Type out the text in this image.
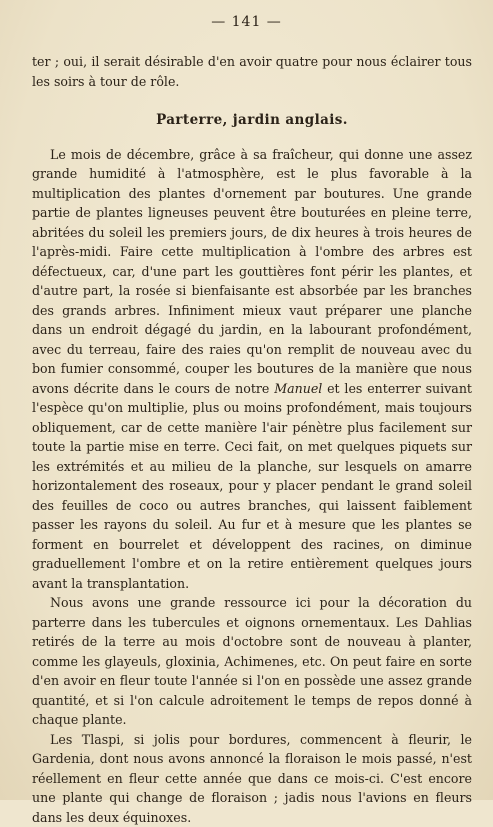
— 141 —

ter ; oui, il serait désirable d'en avoir quatre pour nous éclairer tous les soirs à tour de rôle.

Parterre, jardin anglais.

Le mois de décembre, grâce à sa fraîcheur, qui donne une assez grande humidité à l'atmosphère, est le plus favorable à la multiplication des plantes d'ornement par boutures. Une grande partie de plantes ligneuses peuvent être bouturées en pleine terre, abritées du soleil les premiers jours, de dix heures à trois heures de l'après-midi. Faire cette multiplication à l'ombre des arbres est défectueux, car, d'une part les gouttières font périr les plantes, et d'autre part, la rosée si bienfaisante est absorbée par les branches des grands arbres. Infiniment mieux vaut préparer une planche dans un endroit dégagé du jardin, en la labourant profondément, avec du terreau, faire des raies qu'on remplit de nouveau avec du bon fumier consommé, couper les boutures de la manière que nous avons décrite dans le cours de notre Manuel et les enterrer suivant l'espèce qu'on multiplie, plus ou moins profondément, mais toujours obliquement, car de cette manière l'air pénètre plus facilement sur toute la partie mise en terre. Ceci fait, on met quelques piquets sur les extrémités et au milieu de la planche, sur lesquels on amarre horizontalement des roseaux, pour y placer pendant le grand soleil des feuilles de coco ou autres branches, qui laissent faiblement passer les rayons du soleil. Au fur et à mesure que les plantes se forment en bourrelet et développent des racines, on diminue graduellement l'ombre et on la retire entièrement quelques jours avant la transplantation.

Nous avons une grande ressource ici pour la décoration du parterre dans les tubercules et oignons ornementaux. Les Dahlias retirés de la terre au mois d'octobre sont de nouveau à planter, comme les glayeuls, gloxinia, Achimenes, etc. On peut faire en sorte d'en avoir en fleur toute l'année si l'on en possède une assez grande quantité, et si l'on calcule adroitement le temps de repos donné à chaque plante.

Les Tlaspi, si jolis pour bordures, commencent à fleurir, le Gardenia, dont nous avons annoncé la floraison le mois passé, n'est réellement en fleur cette année que dans ce mois-ci. C'est encore une plante qui change de floraison ; jadis nous l'avions en fleurs dans les deux équinoxes.
